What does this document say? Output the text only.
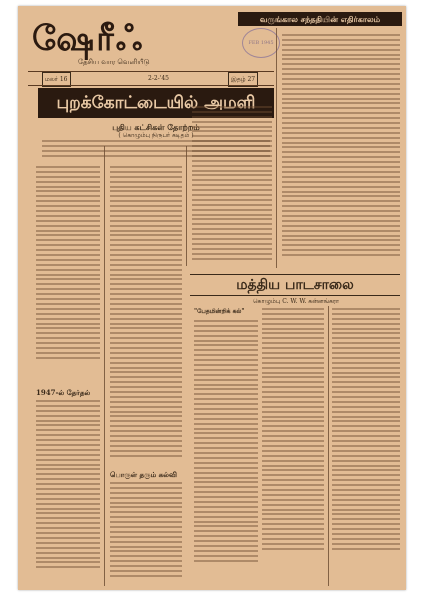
ஷேரீஃ
தேசிய வார வெளியீடு
மலர் 16	2-2-'45	இதழ் 27
புறக்கோட்டையில் அமளி
புதிய கட்சிகள் தோற்றம்
( கொழும்பு நிருபர் கடிதம் )
வருங்கால சந்ததியின் எதிர்காலம்
FEB 1945
1947-ல் தேர்தல்
பொருள் தரும் கல்வி
மத்திய பாடசாலை
கொழும்பு C. W. W. கன்னங்கரா
"பேதமின்றிக் கல்"
